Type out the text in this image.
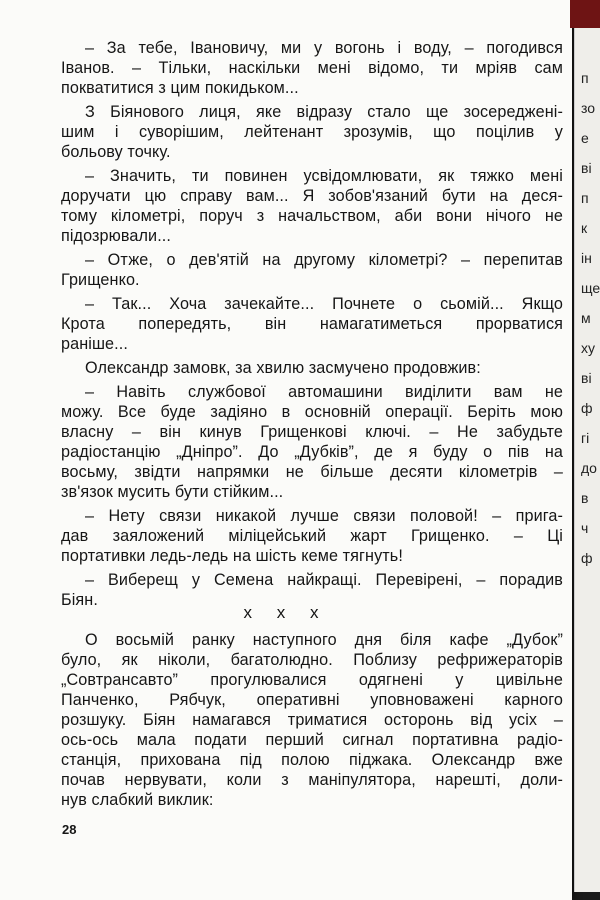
– За тебе, Івановичу, ми у вогонь і воду, – погодився
Іванов. – Тільки, наскільки мені відомо, ти мріяв сам
покватитися з цим покидьком...

З Біянового лиця, яке відразу стало ще зосередженi-
шим і суворішим, лейтенант зрозумів, що поцілив у
больову точку.

– Значить, ти повинен усвідомлювати, як тяжко мені
доручати цю справу вам... Я зобов'язаний бути на деся-
тому кілометрі, поруч з начальством, аби вони нічого не
підозрювали...

– Отже, о дев'ятій на другому кілометрі? – перепитав
Грищенко.

– Так... Хоча зачекайте... Почнете о сьомій... Якщо
Крота попередять, він намагатиметься прорватися
раніше...

Олександр замовк, за хвилю засмучено продовжив:

– Навіть службової автомашини виділити вам не
можу. Все буде задіяно в основній операції. Беріть мою
власну – він кинув Грищенкові ключі. – Не забудьте
радіостанцію „Дніпро”. До „Дубків”, де я буду о пів на
восьму, звідти напрямки не більше десяти кілометрів –
зв'язок мусить бути стійким...

– Нету связи никакой лучше связи половой! – прига-
дав заяложений міліцейський жарт Грищенко. – Ці
портативки ледь-ледь на шість кеме тягнуть!

– Виберещ у Семена найкращі. Перевірені, – порадив
Біян.

х х х

О восьмій ранку наступного дня біля кафе „Дубок”
було, як ніколи, багатолюдно. Поблизу рефрижераторів
„Совтрансавто” прогулювалися одягнені у цивільне
Панченко, Рябчук, оперативні уповноважені карного
розшуку. Біян намагався триматися осторонь від усіх –
ось-ось мала подати перший сигнал портативна радіо-
станція, прихована під полою піджака. Олександр вже
почав нервувати, коли з маніпулятора, нарешті, доли-
нув слабкий виклик:

28
п
зо
е
ві
п
к
ін
ще
м
ху
ві
ф
гі
до
в
ч
ф
